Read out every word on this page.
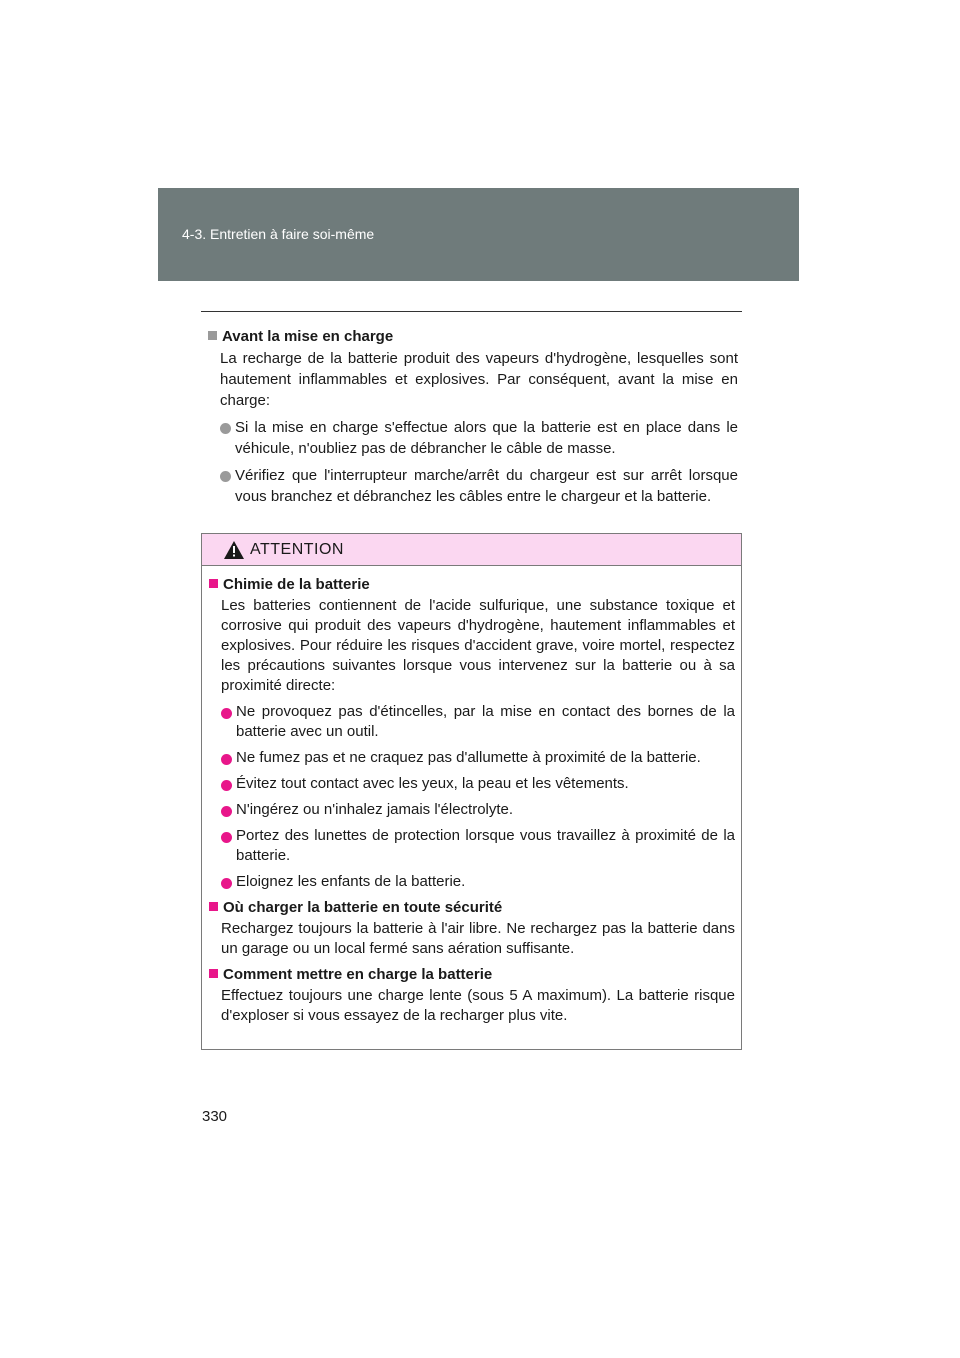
4-3. Entretien à faire soi-même
Avant la mise en charge
La recharge de la batterie produit des vapeurs d'hydrogène, lesquelles sont hautement inflammables et explosives. Par conséquent, avant la mise en charge:
Si la mise en charge s'effectue alors que la batterie est en place dans le véhicule, n'oubliez pas de débrancher le câble de masse.
Vérifiez que l'interrupteur marche/arrêt du chargeur est sur arrêt lorsque vous branchez et débranchez les câbles entre le chargeur et la batterie.
ATTENTION
Chimie de la batterie
Les batteries contiennent de l'acide sulfurique, une substance toxique et corrosive qui produit des vapeurs d'hydrogène, hautement inflammables et explosives. Pour réduire les risques d'accident grave, voire mortel, respectez les précautions suivantes lorsque vous intervenez sur la batterie ou à sa proximité directe:
Ne provoquez pas d'étincelles, par la mise en contact des bornes de la batterie avec un outil.
Ne fumez pas et ne craquez pas d'allumette à proximité de la batterie.
Évitez tout contact avec les yeux, la peau et les vêtements.
N'ingérez ou n'inhalez jamais l'électrolyte.
Portez des lunettes de protection lorsque vous travaillez à proximité de la batterie.
Eloignez les enfants de la batterie.
Où charger la batterie en toute sécurité
Rechargez toujours la batterie à l'air libre. Ne rechargez pas la batterie dans un garage ou un local fermé sans aération suffisante.
Comment mettre en charge la batterie
Effectuez toujours une charge lente (sous 5 A maximum). La batterie risque d'exploser si vous essayez de la recharger plus vite.
330
